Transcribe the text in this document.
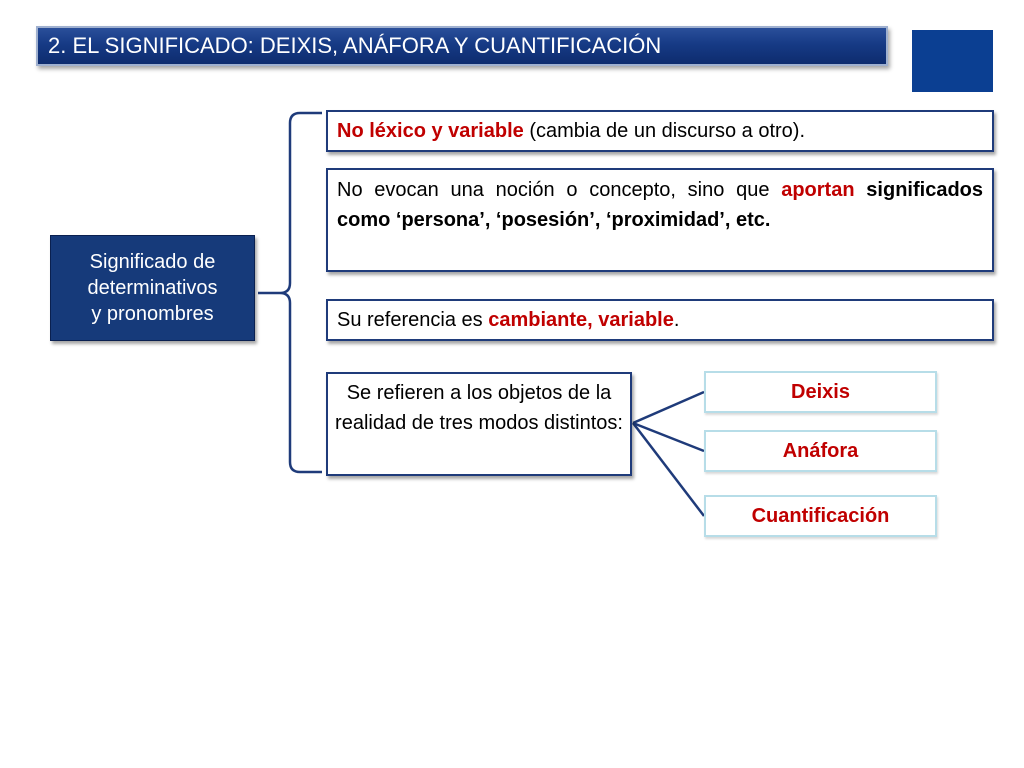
2. EL SIGNIFICADO: DEIXIS, ANÁFORA Y CUANTIFICACIÓN
Significado de
determinativos
y pronombres
No léxico y variable (cambia de un discurso a otro).
No evocan una noción o concepto, sino que aportan significados como ‘persona’, ‘posesión’, ‘proximidad’, etc.
Su referencia es cambiante, variable.
Se refieren a los objetos de la realidad de tres modos distintos:
Deixis
Anáfora
Cuantificación
